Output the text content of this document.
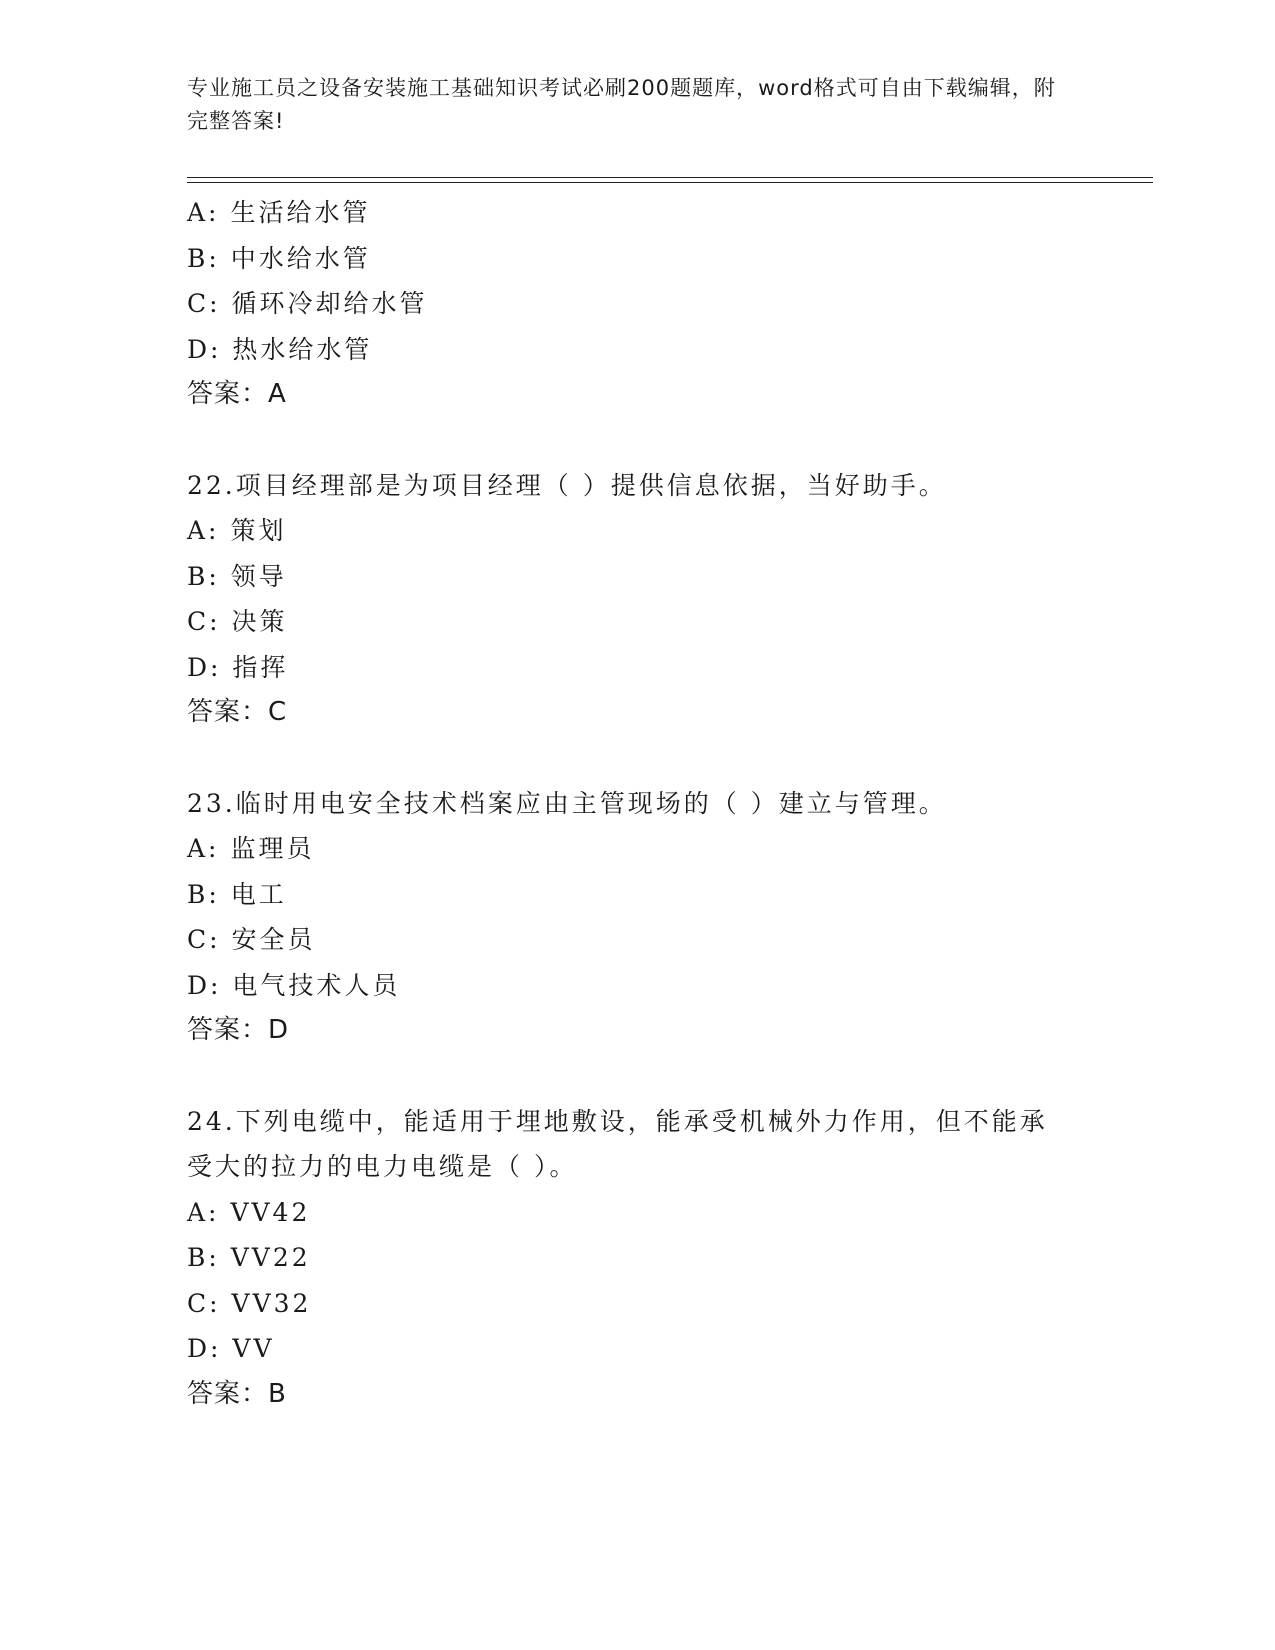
专业施工员之设备安装施工基础知识考试必刷200题题库，word格式可自由下载编辑，附完整答案!
A: 生活给水管
B: 中水给水管
C: 循环冷却给水管
D: 热水给水管
答案：A
22.项目经理部是为项目经理（ ）提供信息依据，当好助手。
A: 策划
B: 领导
C: 决策
D: 指挥
答案：C
23.临时用电安全技术档案应由主管现场的（ ）建立与管理。
A: 监理员
B: 电工
C: 安全员
D: 电气技术人员
答案：D
24.下列电缆中，能适用于埋地敷设，能承受机械外力作用，但不能承受大的拉力的电力电缆是（ ）。
A: VV42
B: VV22
C: VV32
D: VV
答案：B
